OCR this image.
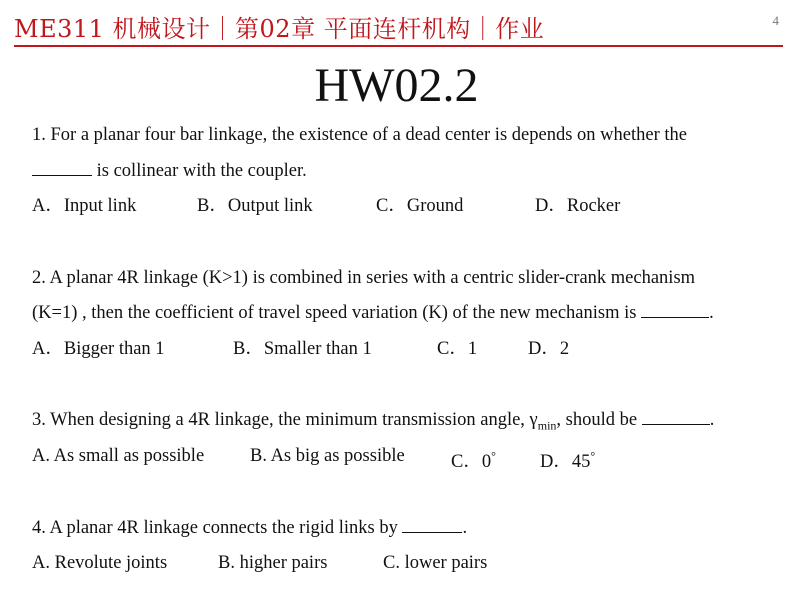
ME311 机械设计｜第02章 平面连杆机构｜作业	4
HW02.2
1. For a planar four bar linkage, the existence of a dead center is depends on whether the
is collinear with the coupler.
A．Input link	B．Output link	C．Ground	D．Rocker
2. A planar 4R linkage (K>1) is combined in series with a centric slider-crank mechanism
(K=1) , then the coefficient of travel speed variation (K) of the new mechanism is	.
A．Bigger than 1	B．Smaller than 1	C．1	D．2
3. When designing a 4R linkage, the minimum transmission angle, $\gamma_{min}$, should be	.
A. As small as possible B. As big as possible	C．0° D．45°
4. A planar 4R linkage connects the rigid links by	.
A. Revolute joints	B. higher pairs	C. lower pairs
